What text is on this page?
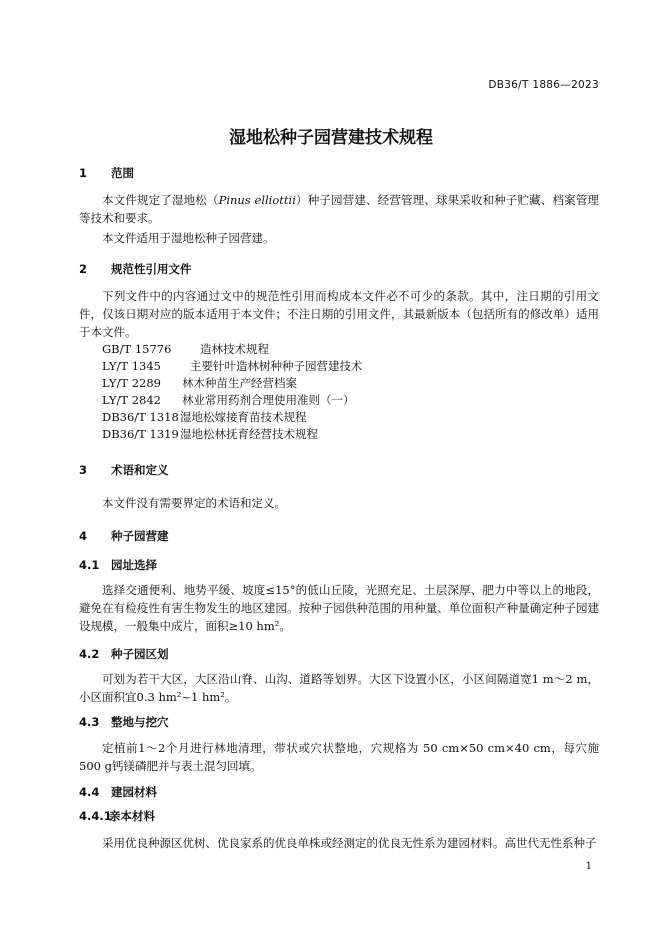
DB36/T 1886—2023
湿地松种子园营建技术规程
1 范围
本文件规定了湿地松（Pinus elliottii）种子园营建、经营管理、球果采收和种子贮藏、档案管理等技术和要求。
本文件适用于湿地松种子园营建。
2 规范性引用文件
下列文件中的内容通过文中的规范性引用而构成本文件必不可少的条款。其中，注日期的引用文件，仅该日期对应的版本适用于本文件；不注日期的引用文件，其最新版本（包括所有的修改单）适用于本文件。
GB/T 15776 造林技术规程
LY/T 1345	主要针叶造林树种种子园营建技术
LY/T 2289 林木种苗生产经营档案
LY/T 2842 林业常用药剂合理使用准则（一）
DB36/T 1318湿地松嫁接育苗技术规程
DB36/T 1319湿地松林抚育经营技术规程
3 术语和定义
本文件没有需要界定的术语和定义。
4 种子园营建
4.1 园址选择
选择交通便利、地势平缓、坡度≤15°的低山丘陵，光照充足、土层深厚、肥力中等以上的地段，避免在有检疫性有害生物发生的地区建园。按种子园供种范围的用种量、单位面积产种量确定种子园建设规模，一般集中成片，面积≥10 hm²。
4.2 种子园区划
可划为若干大区，大区沿山脊、山沟、道路等划界。大区下设置小区，小区间隔道宽1 m～2 m，小区面积宜0.3 hm²~1 hm²。
4.3 整地与挖穴
定植前1～2个月进行林地清理，带状或穴状整地，穴规格为 50 cm×50 cm×40 cm，每穴施500 g钙镁磷肥并与表土混匀回填。
4.4 建园材料
4.4.1亲本材料
采用优良种源区优树、优良家系的优良单株或经测定的优良无性系为建园材料。高世代无性系种子
1
